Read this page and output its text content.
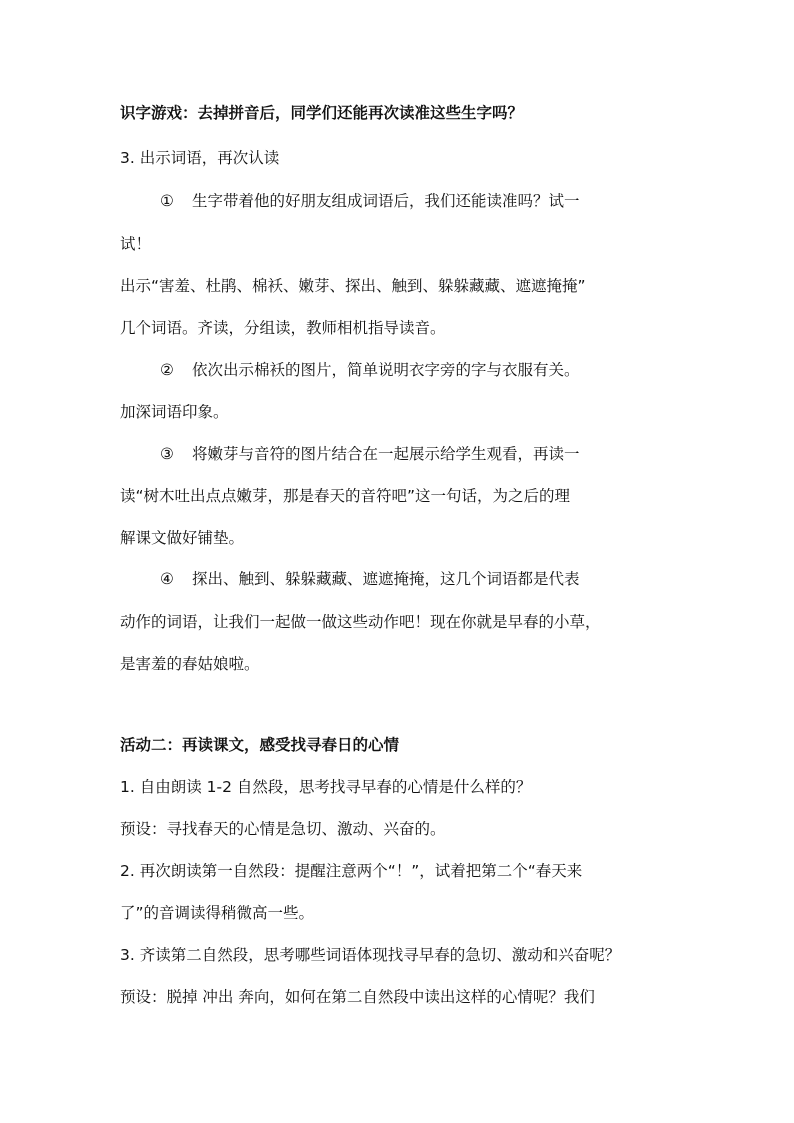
识字游戏：去掉拼音后，同学们还能再次读准这些生字吗？
3. 出示词语，再次认读
① 生字带着他的好朋友组成词语后，我们还能读准吗？试一
试！
出示“害羞、杜鹃、棉袄、嫩芽、探出、触到、躲躲藏藏、遮遮掩掩”
几个词语。齐读，分组读，教师相机指导读音。
② 依次出示棉袄的图片，简单说明衣字旁的字与衣服有关。
加深词语印象。
③ 将嫩芽与音符的图片结合在一起展示给学生观看，再读一
读“树木吐出点点嫩芽，那是春天的音符吧”这一句话，为之后的理
解课文做好铺垫。
④ 探出、触到、躲躲藏藏、遮遮掩掩，这几个词语都是代表
动作的词语，让我们一起做一做这些动作吧！现在你就是早春的小草，
是害羞的春姑娘啦。
活动二：再读课文，感受找寻春日的心情
1. 自由朗读 1-2 自然段，思考找寻早春的心情是什么样的？
预设：寻找春天的心情是急切、激动、兴奋的。
2. 再次朗读第一自然段：提醒注意两个“！”，试着把第二个“春天来
了”的音调读得稍微高一些。
3. 齐读第二自然段，思考哪些词语体现找寻早春的急切、激动和兴奋呢？
预设：脱掉 冲出 奔向，如何在第二自然段中读出这样的心情呢？我们
